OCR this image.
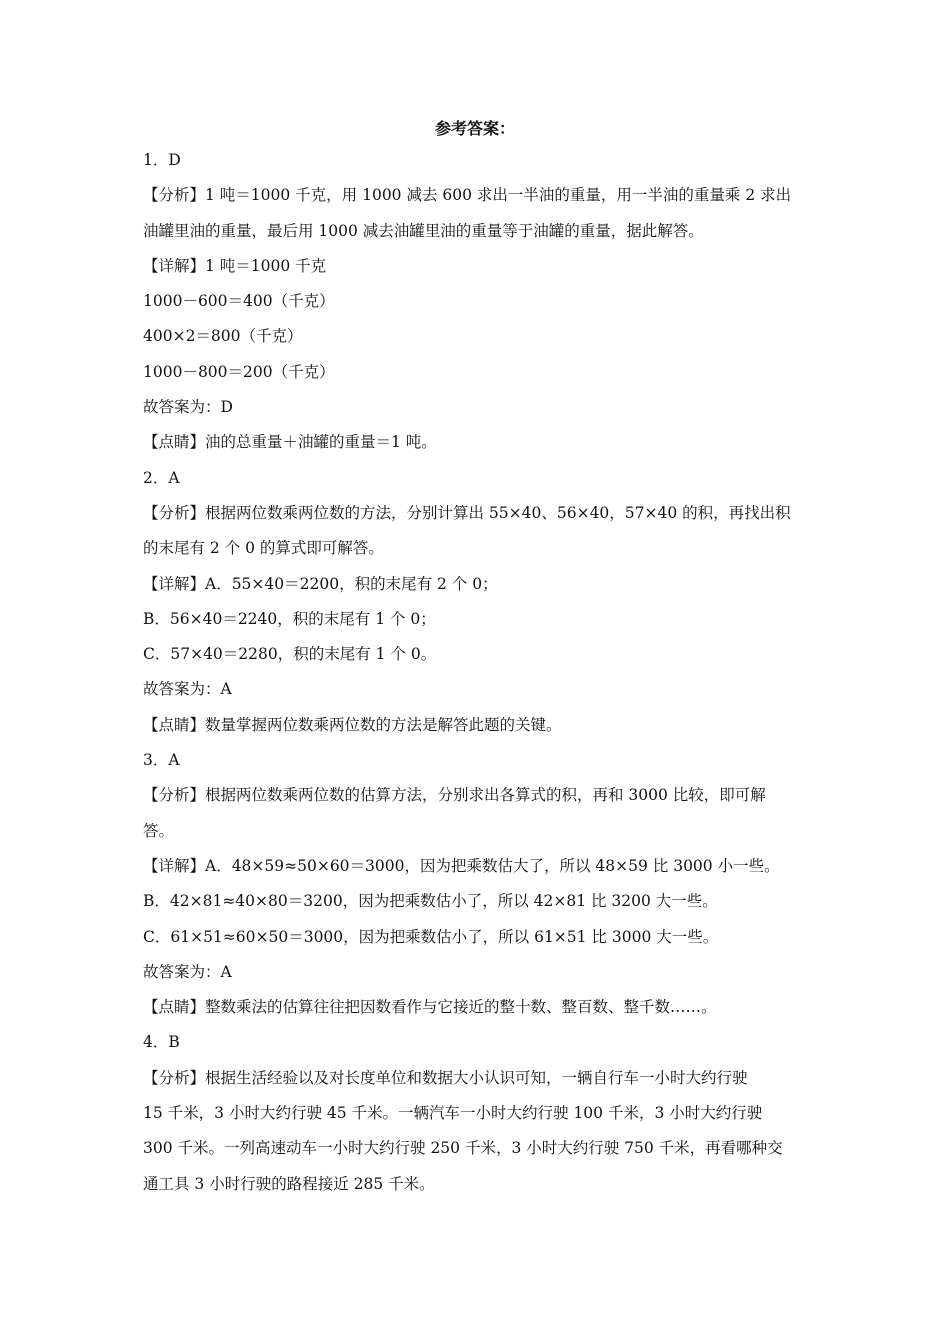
参考答案：

1．D

【分析】1 吨＝1000 千克，用 1000 减去 600 求出一半油的重量，用一半油的重量乘 2 求出

油罐里油的重量，最后用 1000 减去油罐里油的重量等于油罐的重量，据此解答。

【详解】1 吨＝1000 千克

1000－600＝400（千克）

400×2＝800（千克）

1000－800＝200（千克）

故答案为：D

【点睛】油的总重量＋油罐的重量＝1 吨。

2．A

【分析】根据两位数乘两位数的方法，分别计算出 55×40、56×40，57×40 的积，再找出积

的末尾有 2 个 0 的算式即可解答。

【详解】A．55×40＝2200，积的末尾有 2 个 0；

B．56×40＝2240，积的末尾有 1 个 0；

C．57×40＝2280，积的末尾有 1 个 0。

故答案为：A

【点睛】数量掌握两位数乘两位数的方法是解答此题的关键。

3．A

【分析】根据两位数乘两位数的估算方法，分别求出各算式的积，再和 3000 比较，即可解

答。

【详解】A．48×59≈50×60＝3000，因为把乘数估大了，所以 48×59 比 3000 小一些。

B．42×81≈40×80＝3200，因为把乘数估小了，所以 42×81 比 3200 大一些。

C．61×51≈60×50＝3000，因为把乘数估小了，所以 61×51 比 3000 大一些。

故答案为：A

【点睛】整数乘法的估算往往把因数看作与它接近的整十数、整百数、整千数……。

4．B

【分析】根据生活经验以及对长度单位和数据大小认识可知，一辆自行车一小时大约行驶

15 千米，3 小时大约行驶 45 千米。一辆汽车一小时大约行驶 100 千米，3 小时大约行驶

300 千米。一列高速动车一小时大约行驶 250 千米，3 小时大约行驶 750 千米，再看哪种交

通工具 3 小时行驶的路程接近 285 千米。
